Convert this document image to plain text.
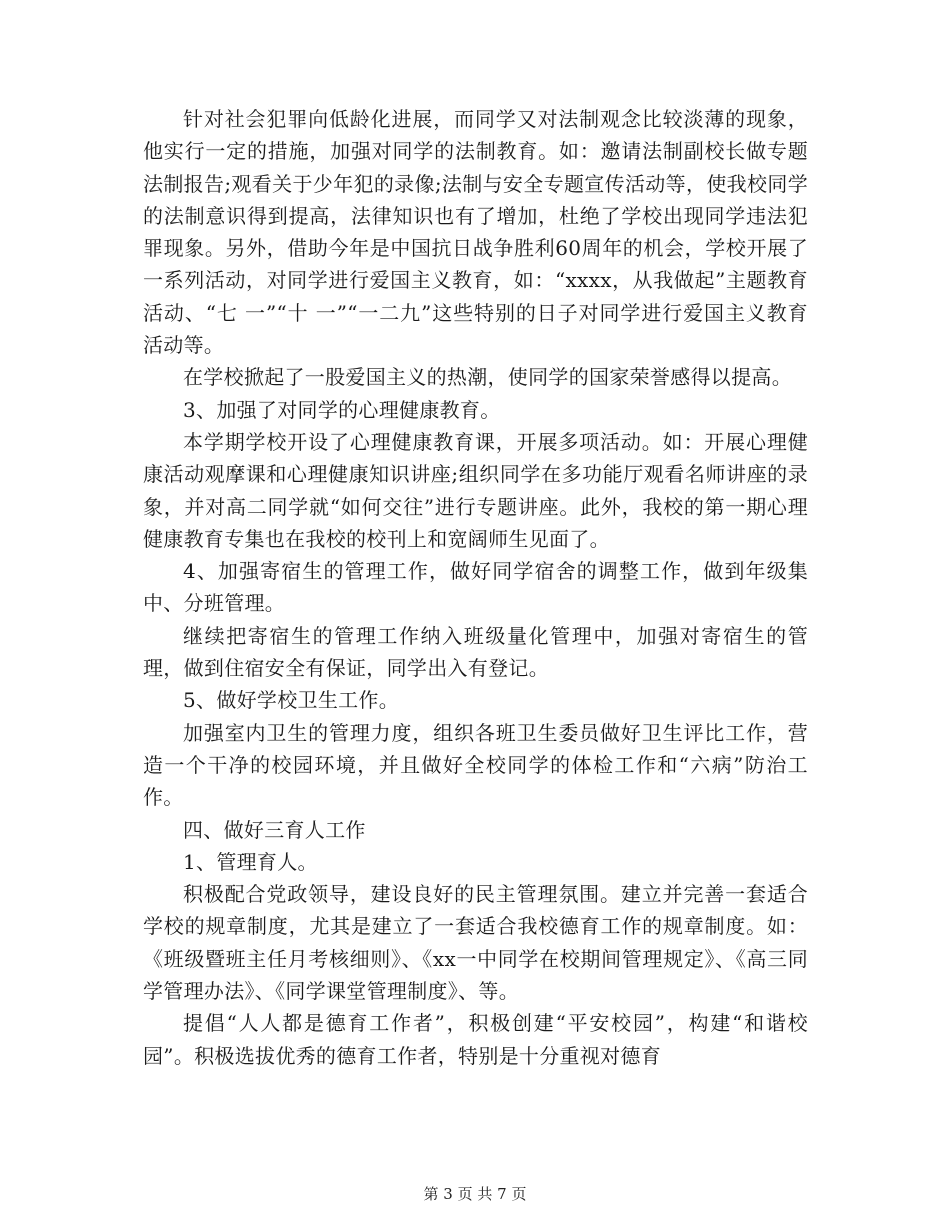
针对社会犯罪向低龄化进展，而同学又对法制观念比较淡薄的现象，他实行一定的措施，加强对同学的法制教育。如：邀请法制副校长做专题法制报告;观看关于少年犯的录像;法制与安全专题宣传活动等，使我校同学的法制意识得到提高，法律知识也有了增加，杜绝了学校出现同学违法犯罪现象。另外，借助今年是中国抗日战争胜利60周年的机会，学校开展了一系列活动，对同学进行爱国主义教育，如：“xxxx，从我做起”主题教育活动、“七 一”“十 一”“一二九”这些特别的日子对同学进行爱国主义教育活动等。

在学校掀起了一股爱国主义的热潮，使同学的国家荣誉感得以提高。

3、加强了对同学的心理健康教育。

本学期学校开设了心理健康教育课，开展多项活动。如：开展心理健康活动观摩课和心理健康知识讲座;组织同学在多功能厅观看名师讲座的录象，并对高二同学就“如何交往”进行专题讲座。此外，我校的第一期心理健康教育专集也在我校的校刊上和宽阔师生见面了。

4、加强寄宿生的管理工作，做好同学宿舍的调整工作，做到年级集中、分班管理。

继续把寄宿生的管理工作纳入班级量化管理中，加强对寄宿生的管理，做到住宿安全有保证，同学出入有登记。

5、做好学校卫生工作。

加强室内卫生的管理力度，组织各班卫生委员做好卫生评比工作，营造一个干净的校园环境，并且做好全校同学的体检工作和“六病”防治工作。

四、做好三育人工作

1、管理育人。

积极配合党政领导，建设良好的民主管理氛围。建立并完善一套适合学校的规章制度，尤其是建立了一套适合我校德育工作的规章制度。如：《班级暨班主任月考核细则》、《xx一中同学在校期间管理规定》、《高三同学管理办法》、《同学课堂管理制度》、等。

提倡“人人都是德育工作者”，积极创建“平安校园”，构建“和谐校园”。积极选拔优秀的德育工作者，特别是十分重视对德育

第 3 页 共 7 页
